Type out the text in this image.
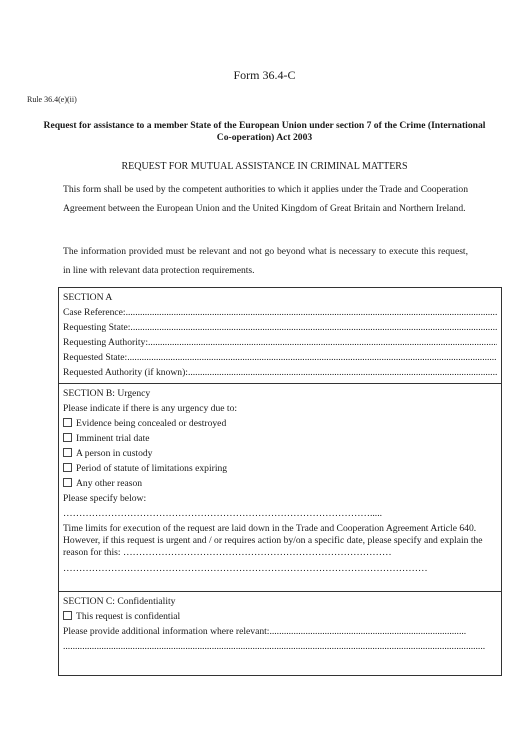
Form 36.4-C
Rule 36.4(e)(ii)
Request for assistance to a member State of the European Union under section 7 of the Crime (International Co-operation) Act 2003
REQUEST FOR MUTUAL ASSISTANCE IN CRIMINAL MATTERS
This form shall be used by the competent authorities to which it applies under the Trade and Cooperation Agreement between the European Union and the United Kingdom of Great Britain and Northern Ireland.
The information provided must be relevant and not go beyond what is necessary to execute this request, in line with relevant data protection requirements.
SECTION A
Case Reference:
.....
Requesting State:
.....
Requesting Authority:
.....
Requested State:
.....
Requested Authority (if known):
.....
SECTION B: Urgency
Please indicate if there is any urgency due to:
Evidence being concealed or destroyed
Imminent trial date
A person in custody
Period of statute of limitations expiring
Any other reason
Please specify below:
…………………………………………………………………………………….....
Time limits for execution of the request are laid down in the Trade and Cooperation Agreement Article 640. However, if this request is urgent and / or requires action by/on a specific date, please specify and explain the reason for this: …………………………………………………………………………
……………………………………………………………………………………………………
SECTION C: Confidentiality
This request is confidential
Please provide additional information where relevant:..................................................................................
................................................................................................................................................................................
